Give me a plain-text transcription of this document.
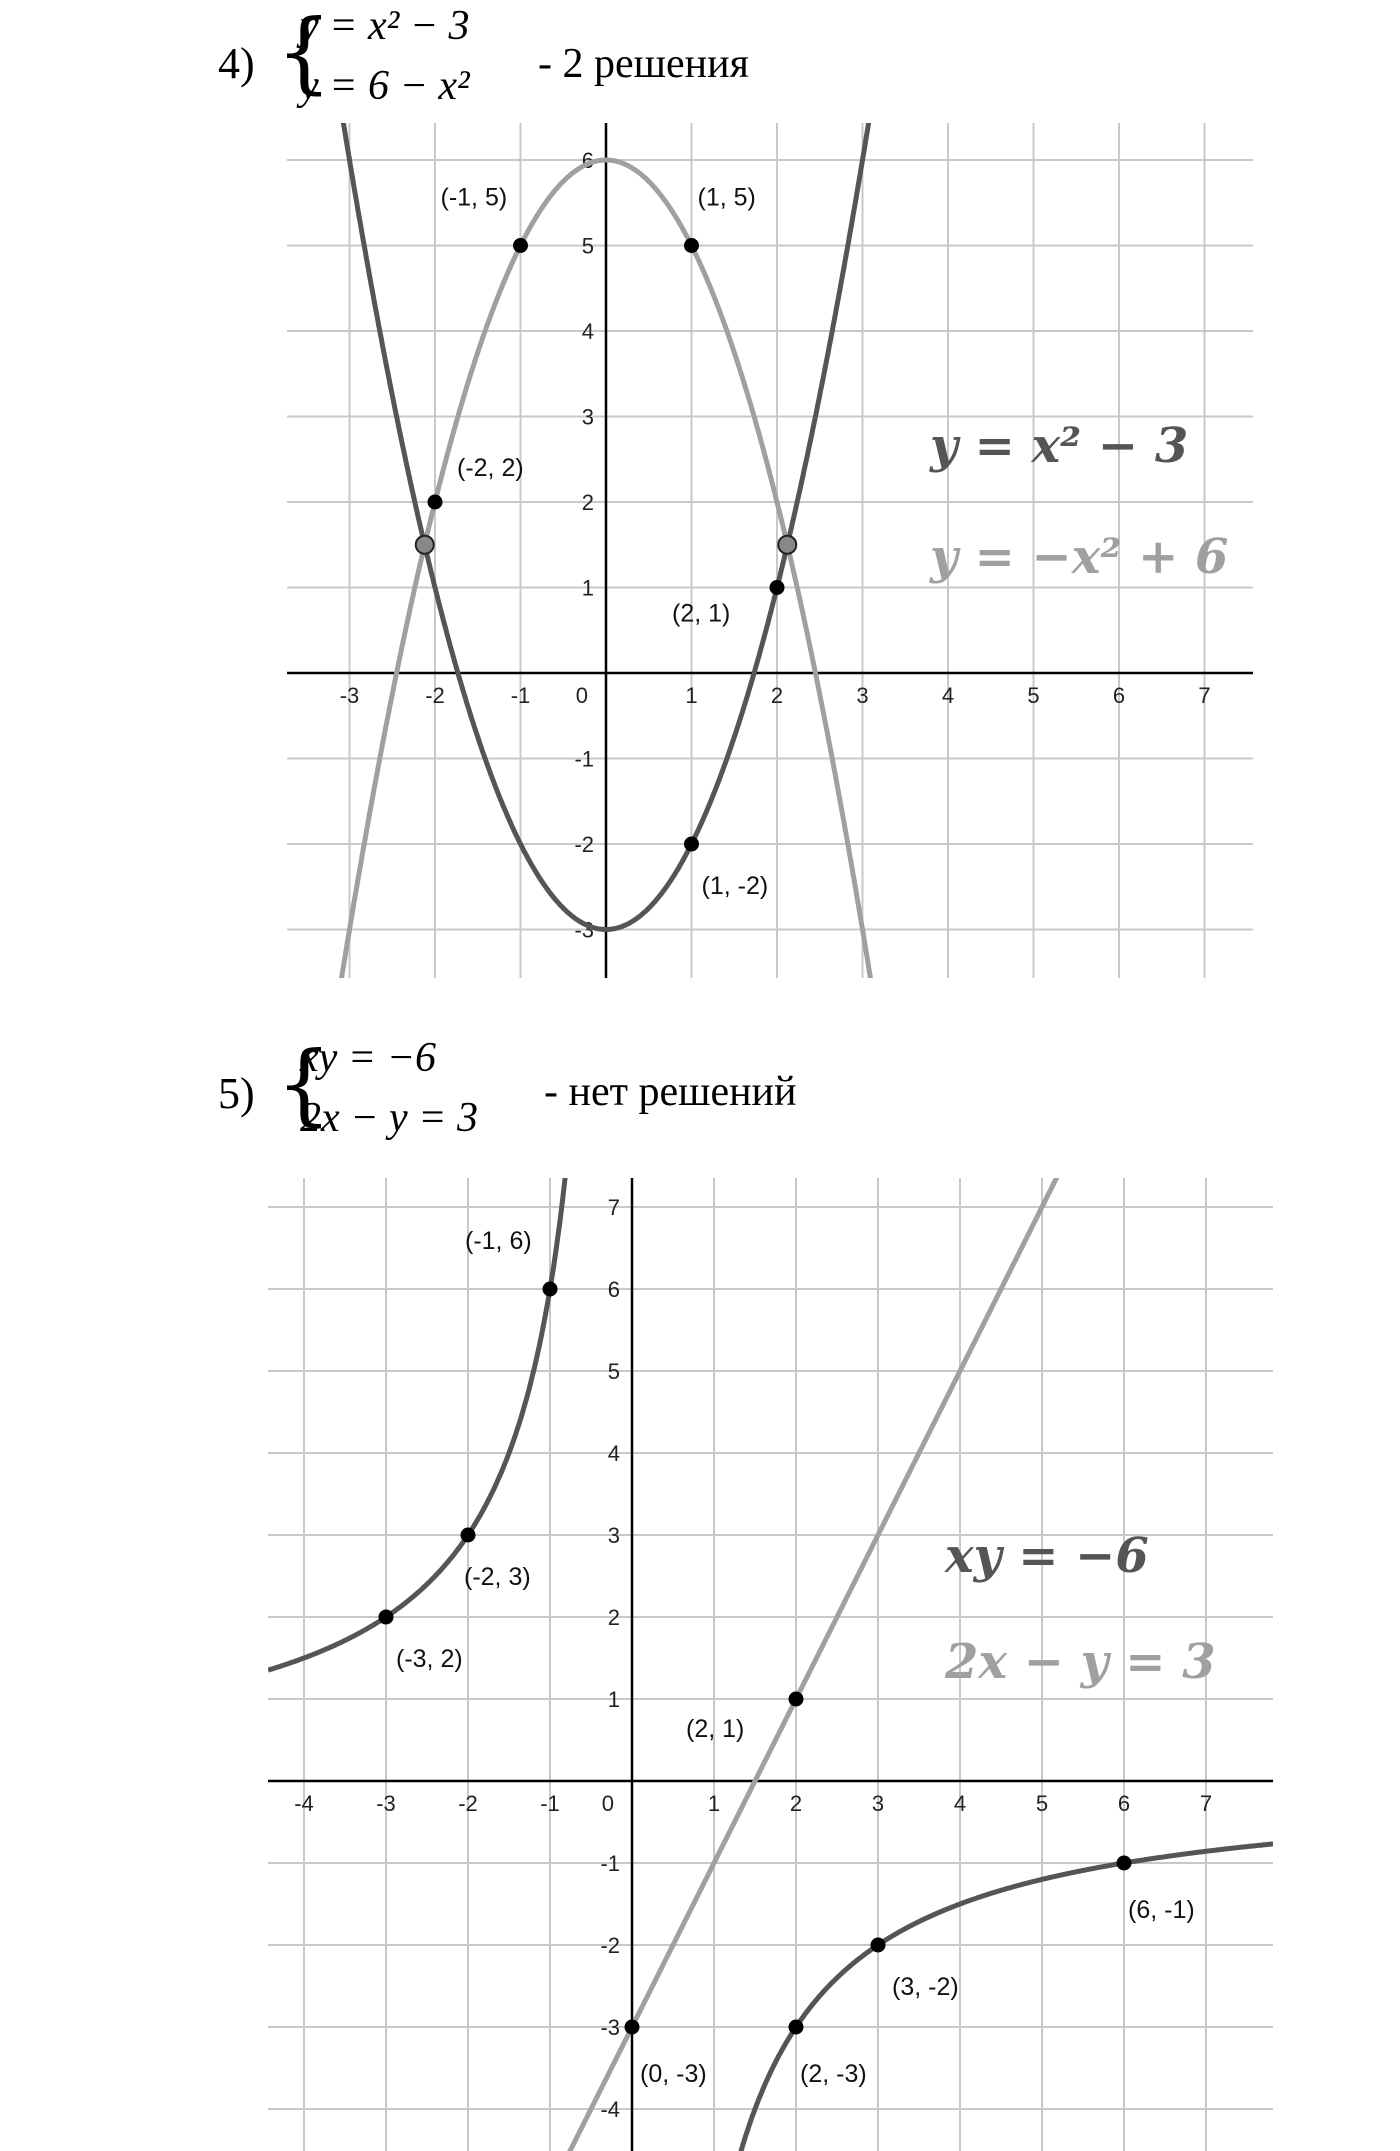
4) {
y = x² − 3
y = 6 − x² - 2 решения
5) {
xy = −6
2x − y = 3
- нет решений
-3	-2	-1	1	2	3	4	5	6	7
-3
-2
-1
1
2
3
4
5
6
0
(-1, 5)	(1, 5)
(-2, 2)
(2, 1)
(1, -2)
y = x² − 3
y = −x² + 6
-4	-3	-2	-1	1	2	3	4	5	6	7
-4
-3
-2
-1
1
2
3
4
5
6
7
0
(-1, 6)
(-2, 3)
(-3, 2)
(2, 1)
(0, -3)	(2, -3)
(3, -2)
(6, -1)
xy = −6
2x − y = 3
